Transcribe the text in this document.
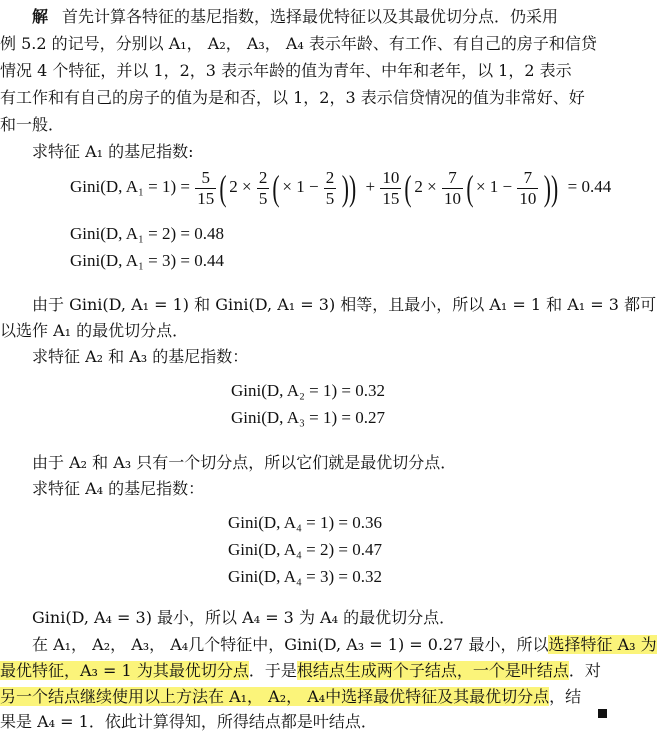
解 首先计算各特征的基尼指数，选择最优特征以及其最优切分点．仍采用
例 5.2 的记号，分别以 A₁， A₂， A₃， A₄ 表示年龄、有工作、有自己的房子和信贷
情况 4 个特征，并以 1，2，3 表示年龄的值为青年、中年和老年，以 1，2 表示
有工作和有自己的房子的值为是和否，以 1，2，3 表示信贷情况的值为非常好、好
和一般．
求特征 A₁ 的基尼指数:
Gini(D, $A_1 = 1) = \frac{5}{15}$ ( $2 \times \frac{2}{5}$ ( × $1 - \frac{2}{5}$ )) + $\frac{10}{15}$ ( $2 \times \frac{7}{10}$ ( × $1 - \frac{7}{10}$ )) = 0.44
Gini(D, A₁ = 2) = 0.48
Gini(D, A₁ = 3) = 0.44
由于 Gini(D, A₁ = 1) 和 Gini(D, A₁ = 3) 相等，且最小，所以 A₁ = 1 和 A₁ = 3 都可
以选作 A₁ 的最优切分点．
求特征 A₂ 和 A₃ 的基尼指数：
Gini(D, A₂ = 1) = 0.32
Gini(D, A₃ = 1) = 0.27
由于 A₂ 和 A₃ 只有一个切分点，所以它们就是最优切分点．
求特征 A₄ 的基尼指数：
Gini(D, A₄ = 1) = 0.36
Gini(D, A₄ = 2) = 0.47
Gini(D, A₄ = 3) = 0.32
Gini(D, A₄ = 3) 最小，所以 A₄ = 3 为 A₄ 的最优切分点．
在 A₁， A₂， A₃， A₄几个特征中，Gini(D, A₃ = 1) = 0.27 最小，所以选择特征 A₃ 为
最优特征，A₃ = 1 为其最优切分点．于是根结点生成两个子结点，一个是叶结点．对
另一个结点继续使用以上方法在 A₁， A₂， A₄中选择最优特征及其最优切分点，结
果是 A₄ = 1．依此计算得知，所得结点都是叶结点．
